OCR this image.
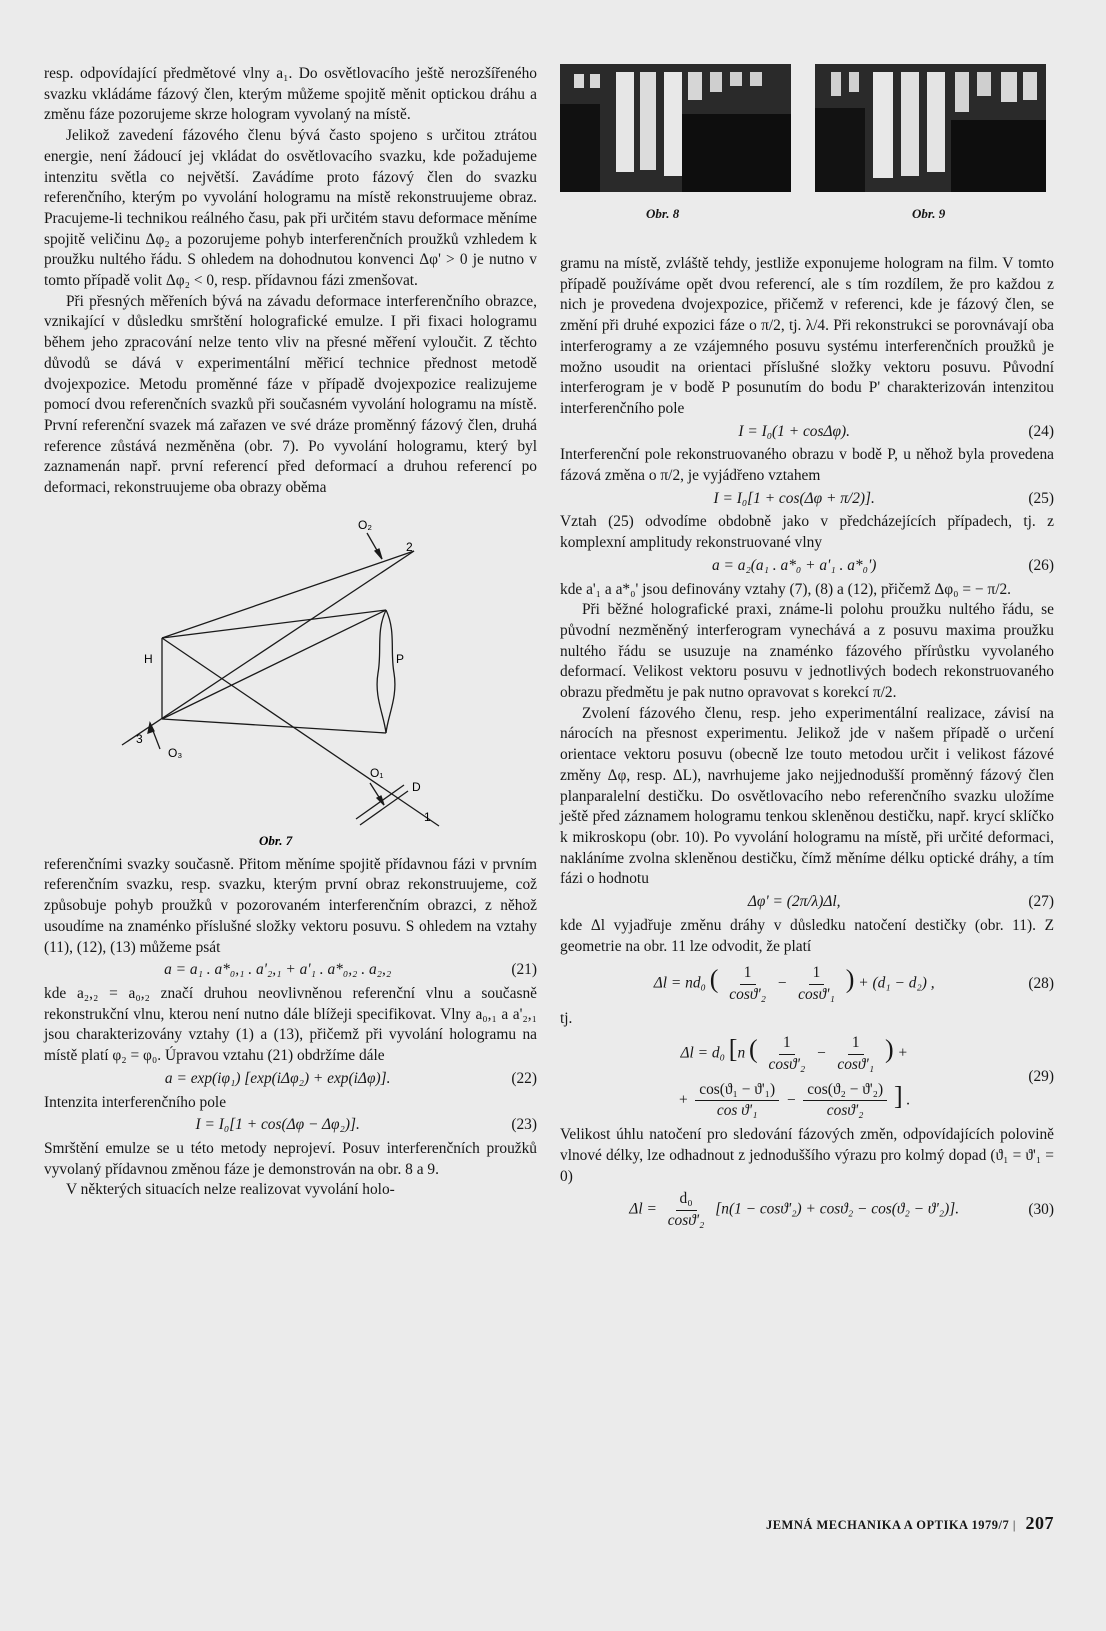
resp. odpovídající předmětové vlny a₁. Do osvětlovacího ještě nerozšířeného svazku vkládáme fázový člen, kterým můžeme spojitě měnit optickou dráhu a změnu fáze pozorujeme skrze hologram vyvolaný na místě.

Jelikož zavedení fázového členu bývá často spojeno s určitou ztrátou energie, není žádoucí jej vkládat do osvětlovacího svazku, kde požadujeme intenzitu světla co největší. Zavádíme proto fázový člen do svazku referenčního, kterým po vyvolání hologramu na místě rekonstruujeme obraz. Pracujeme-li technikou reálného času, pak při určitém stavu deformace měníme spojitě veličinu Δφ₂ a pozorujeme pohyb interferenčních proužků vzhledem k proužku nultého řádu. S ohledem na dohodnutou konvenci Δφ' > 0 je nutno v tomto případě volit Δφ₂ < 0, resp. přídavnou fázi zmenšovat.

Při přesných měřeních bývá na závadu deformace interferenčního obrazce, vznikající v důsledku smrštění holografické emulze. I při fixaci hologramu během jeho zpracování nelze tento vliv na přesné měření vyloučit. Z těchto důvodů se dává v experimentální měřicí technice přednost metodě dvojexpozice. Metodu proměnné fáze v případě dvojexpozice realizujeme pomocí dvou referenčních svazků při současném vyvolání hologramu na místě. První referenční svazek má zařazen ve své dráze proměnný fázový člen, druhá reference zůstává nezměněna (obr. 7). Po vyvolání hologramu, který byl zaznamenán např. první referencí před deformací a druhou referencí po deformaci, rekonstruujeme oba obrazy oběma

O₂
2
H	P
3
O₃
O₁
D
1
Obr. 7

referenčními svazky současně. Přitom měníme spojitě přídavnou fázi v prvním referenčním svazku, resp. svazku, kterým první obraz rekonstruujeme, což způsobuje pohyb proužků v pozorovaném interferenčním obrazci, z něhož usoudíme na znaménko příslušné složky vektoru posuvu. S ohledem na vztahy (11), (12), (13) můžeme psát

a = a₁ . a*₀,₁ . a'₂,₁ + a'₁ . a*₀,₂ . a₂,₂	(21)

kde a₂,₂ = a₀,₂ značí druhou neovlivněnou referenční vlnu a současně rekonstrukční vlnu, kterou není nutno dále blížeji specifikovat. Vlny a₀,₁ a a'₂,₁ jsou charakterizovány vztahy (1) a (13), přičemž při vyvolání hologramu na místě platí φ₂ = φ₀. Úpravou vztahu (21) obdržíme dále

a = exp(iφ₁) [exp(iΔφ₂) + exp(iΔφ)].	(22)

Intenzita interferenčního pole

I = I₀[1 + cos(Δφ − Δφ₂)].	(23)

Smrštění emulze se u této metody neprojeví. Posuv interferenčních proužků vyvolaný přídavnou změnou fáze je demonstrován na obr. 8 a 9.

V některých situacích nelze realizovat vyvolání holo-

Obr. 8	Obr. 9

gramu na místě, zvláště tehdy, jestliže exponujeme hologram na film. V tomto případě používáme opět dvou referencí, ale s tím rozdílem, že pro každou z nich je provedena dvojexpozice, přičemž v referenci, kde je fázový člen, se změní při druhé expozici fáze o π/2, tj. λ/4. Při rekonstrukci se porovnávají oba interferogramy a ze vzájemného posuvu systému interferenčních proužků je možno usoudit na orientaci příslušné složky vektoru posuvu. Původní interferogram je v bodě P posunutím do bodu P' charakterizován intenzitou interferenčního pole

I = I₀(1 + cosΔφ).	(24)

Interferenční pole rekonstruovaného obrazu v bodě P, u něhož byla provedena fázová změna o π/2, je vyjádřeno vztahem

I = I₀[1 + cos(Δφ + π/2)].	(25)

Vztah (25) odvodíme obdobně jako v předcházejících případech, tj. z komplexní amplitudy rekonstruované vlny

a = a₂(a₁ . a*₀ + a'₁ . a*₀')	(26)

kde a'₁ a a*₀' jsou definovány vztahy (7), (8) a (12), přičemž Δφ₀ = − π/2.

Při běžné holografické praxi, známe-li polohu proužku nultého řádu, se původní nezměněný interferogram vynechává a z posuvu maxima proužku nultého řádu se usuzuje na znaménko fázového přírůstku vyvolaného deformací. Velikost vektoru posuvu v jednotlivých bodech rekonstruovaného obrazu předmětu je pak nutno opravovat s korekcí π/2.

Zvolení fázového členu, resp. jeho experimentální realizace, závisí na nárocích na přesnost experimentu. Jelikož jde v našem případě o určení orientace vektoru posuvu (obecně lze touto metodou určit i velikost fázové změny Δφ, resp. ΔL), navrhujeme jako nejjednodušší proměnný fázový člen planparalelní destičku. Do osvětlovacího nebo referenčního svazku uložíme ještě před záznamem hologramu tenkou skleněnou destičku, např. krycí sklíčko k mikroskopu (obr. 10). Po vyvolání hologramu na místě, při určité deformaci, nakláníme zvolna skleněnou destičku, čímž měníme délku optické dráhy, a tím fázi o hodnotu

Δφ' = (2π/λ)Δl,	(27)

kde Δl vyjadřuje změnu dráhy v důsledku natočení destičky (obr. 11). Z geometrie na obr. 11 lze odvodit, že platí

Δl = nd₀ ( $\frac{1}{\text{cosϑ'₂}} - \frac{1}{\text{cosϑ'₁}}$ ) + (d₁ − d₂) ,	(28)

tj.

Δl = d₀ [n ( $\frac{1}{\text{cosϑ'₂}} - \frac{1}{\text{cosϑ'₁}}$ ) +
+ $\frac{\text{cos(ϑ₁ − ϑ'₁)}}{\text{cos ϑ'₁}} - \frac{\text{cos(ϑ₂ − ϑ'₂)}}{\text{cosϑ'₂}}$ ] .
(29)

Velikost úhlu natočení pro sledování fázových změn, odpovídajících polovině vlnové délky, lze odhadnout z jednoduššího výrazu pro kolmý dopad (ϑ₁ = ϑ'₁ = 0)

$\Delta l = \frac{\text{d₀}}{\text{cosϑ'₂}} [n(1 - \cos ϑ'_2) + \cos ϑ_2 - \cos(ϑ_2 - ϑ'_2)]$.	(30)
JEMNÁ MECHANIKA A OPTIKA 1979/7 | 207
